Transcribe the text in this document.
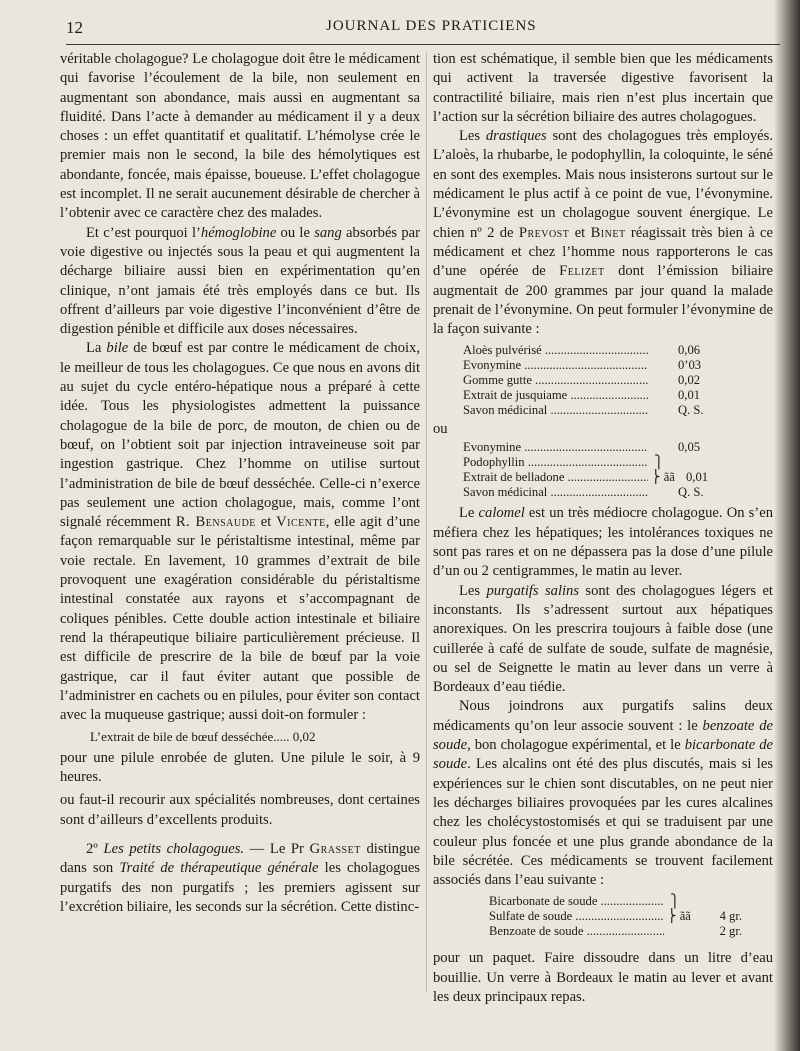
12	JOURNAL DES PRATICIENS

véritable cholagogue? Le cholagogue doit être le médicament qui favorise l’écoulement de la bile, non seulement en augmentant son abondance, mais aussi en augmentant sa fluidité. Dans l’acte à demander au médicament il y a deux choses : un effet quantitatif et qualitatif. L’hémolyse crée le premier mais non le second, la bile des hémolytiques est abondante, foncée, mais épaisse, boueuse. L’effet cholagogue est incomplet. Il ne serait aucunement désirable de chercher à l’obtenir avec ce caractère chez des malades.

Et c’est pourquoi l’hémoglobine ou le sang absorbés par voie digestive ou injectés sous la peau et qui augmentent la décharge biliaire aussi bien en expérimentation qu’en clinique, n’ont jamais été très employés dans ce but. Ils offrent d’ailleurs par voie digestive l’inconvénient d’être de digestion pénible et difficile aux doses nécessaires.

La bile de bœuf est par contre le médicament de choix, le meilleur de tous les cholagogues. Ce que nous en avons dit au sujet du cycle entéro-hépatique nous a préparé à cette idée. Tous les physiologistes admettent la puissance cholagogue de la bile de porc, de mouton, de chien ou de bœuf, on l’obtient soit par injection intraveineuse soit par ingestion gastrique. Chez l’homme on utilise surtout l’administration de bile de bœuf desséchée. Celle-ci n’exerce pas seulement une action cholagogue, mais, comme l’ont signalé récemment R. Bensaude et Vicente, elle agit d’une façon remarquable sur le péristaltisme intestinal, même par voie rectale. En lavement, 10 grammes d’extrait de bile provoquent une exagération considérable du péristaltisme intestinal constatée aux rayons et s’accompagnant de coliques pénibles. Cette double action intestinale et biliaire rend la thérapeutique biliaire particulièrement précieuse. Il est difficile de prescrire de la bile de bœuf par la voie gastrique, car il faut éviter autant que possible de l’administrer en cachets ou en pilules, pour éviter son contact avec la muqueuse gastrique; aussi doit-on formuler :

L’extrait de bile de bœuf desséchée..... 0,02

pour une pilule enrobée de gluten. Une pilule le soir, à 9 heures.

ou faut-il recourir aux spécialités nombreuses, dont certaines sont d’ailleurs d’excellents produits.

2º Les petits cholagogues. — Le Pr Grasset distingue dans son Traité de thérapeutique générale les cholagogues purgatifs des non purgatifs ; les premiers agissent sur l’excrétion biliaire, les seconds sur la sécrétion. Cette distinc-

tion est schématique, il semble bien que les médicaments qui activent la traversée digestive favorisent la contractilité biliaire, mais rien n’est plus incertain que l’action sur la sécrétion biliaire des autres cholagogues.

Les drastiques sont des cholagogues très employés. L’aloès, la rhubarbe, le podophyllin, la coloquinte, le séné en sont des exemples. Mais nous insisterons surtout sur le médicament le plus actif à ce point de vue, l’évonymine. L’évonymine est un cholagogue souvent énergique. Le chien nº 2 de Prevost et Binet réagissait très bien à ce médicament et chez l’homme nous rapporterons le cas d’une opérée de Felizet dont l’émission biliaire augmentait de 200 grammes par jour quand la malade prenait de l’évonymine. On peut formuler l’évonymine de la façon suivante :

Aloès pulvérisé .....	0,06
Evonymine .....	0’03
Gomme gutte .....	0,02
Extrait de jusquiame .....	0,01
Savon médicinal .....	Q. S.

ou

Evonymine .....	0,05
Podophyllin .....	⎫
Extrait de belladone .....	⎬ ãã 0,01
Savon médicinal .....	Q. S.

Le calomel est un très médiocre cholagogue. On s’en méfiera chez les hépatiques; les intolérances toxiques ne sont pas rares et on ne dépassera pas la dose d’une pilule d’un ou 2 centigrammes, le matin au lever.

Les purgatifs salins sont des cholagogues légers et inconstants. Ils s’adressent surtout aux hépatiques anorexiques. On les prescrira toujours à faible dose (une cuillerée à café de sulfate de soude, sulfate de magnésie, ou sel de Seignette le matin au lever dans un verre à Bordeaux d’eau tiédie.

Nous joindrons aux purgatifs salins deux médicaments qu’on leur associe souvent : le benzoate de soude, bon cholagogue expérimental, et le bicarbonate de soude. Les alcalins ont été des plus discutés, mais si les expériences sur le chien sont discutables, on ne peut nier les décharges biliaires provoquées par les cures alcalines chez les cholécystostomisés et qui se traduisent par une couleur plus foncée et une plus grande abondance de la bile sécrétée. Ces médicaments se trouvent facilement associés dans l’eau suivante :

Bicarbonate de soude .....	⎫
Sulfate de soude .....	⎬ ãã	4 gr.
Benzoate de soude .....	2 gr.

pour un paquet. Faire dissoudre dans un litre d’eau bouillie. Un verre à Bordeaux le matin au lever et avant les deux principaux repas.
